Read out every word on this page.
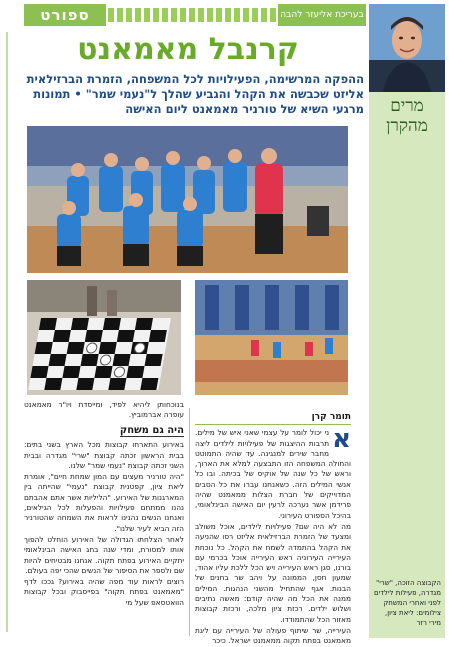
ספורט	בעריכת אליעזר להבה
מרים
מהקרן
הקבוצה הזוכה, "שרי" מגדרה, פעילות לילדים לפני ואחרי המשחק צילומים: ליאת ציון, מירי רזר
קרנבל מאמאנט
ההפקה המרשימה, הפעילויות לכל המשפחה, הזמרת הברזילאית אליזט שכבשה את הקהל והגביע שהלך ל"נעמי שמר" • תמונות מרגעי השיא של טורניר מאמאנט ליום האישה
תומר קרן

א
ני יכול לומר על עצמי שאני איש של מילים. תרבות ההיצגות של פעילויות לילדים ליצה מחבר שירים למנגינה. עד שהיה התמוטט והחולה המשפחה הזו התבצעה למלא את הארוך, וראש של כל שנה של אוקיס של בכיתה. ובו כל אנשי המילים הזה. כשאנחנו עברו את כל הסבים המדוייקים של חברת הצלות ממאמנט שהיה פרידמן אשר נערכה לרעין יום האישה הבינלאומי, בהיכל הספורט העירוני.

מה לא היה שם? פעילויות לילדים, אוכל משולב ומצעד של הזמרת הברזילאית אליזט רסו שהניעה את הקהל בהתמדה לשמח את הקהל. כל נוכחת העירייה העירוניה ראש העירייה אוכל בכרמי עם בורנו, סגן ראש העירייה ויש הכל ללכת עליו אהוד, שמעון חסן, הממונה על ויהב שר בחנים של הבנות. אגף שהתחיל מהשני הנהגות. המילים ממנה את הכל מה שהיה קודם: מאשה נתיבים ושלוש ילדים. רכזת ציון מלכה, ורכזת קבוצות מאזור הכל שהתמודדו.

העירייה, שר שיתוף פעולה של העירייה עם ליגת מאמאנט בפתח תקוה ממאמנט ישראל. כיכר

בנוכחותן ליהיא לפיד, ומייסדת ויו"ר מאמאנט עופרה אברמוביץ.
היה גם משחק

באירוע התארחו קבוצות מכל הארץ בשני בתים: בבית הראשון זכתה קבוצת "שרי" מגדרה ובבית השני זכתה קבוצת "נעמי שמר" שלנו.

"היה טורניר מעצים עם המון שמחת חיים", אומרת ליאת ציון, קפטנית קבוצת "נעמי" שהייתה בין המארגנות של האירוע. "הליליות אשר אתם אהבתם נהנו ממתחם פעילויות והפעלות לכל הגילאים, ואנחנו הנשים נהנינו לראות את השמחה שהטורניר הזה הביא לעיר שלנו".

לאחר הצלחתו הגדולה של האירוע הוחלט להפוך אותו למסורת, ומדי שנה בחג האישה הבינלאומי יתקיים האירוע בפתח תקוה. אנחנו מבטיחים להיות שם ולספר את הסיפור של הנשים שהכי יפה בעולם.

רוצים לראות עוד מפה שהיה באירוע? גככו לדף "מאמאנט בפתח תקוה" בפייסבוק ובכל קבוצות הוואטסאפ שעל מי
